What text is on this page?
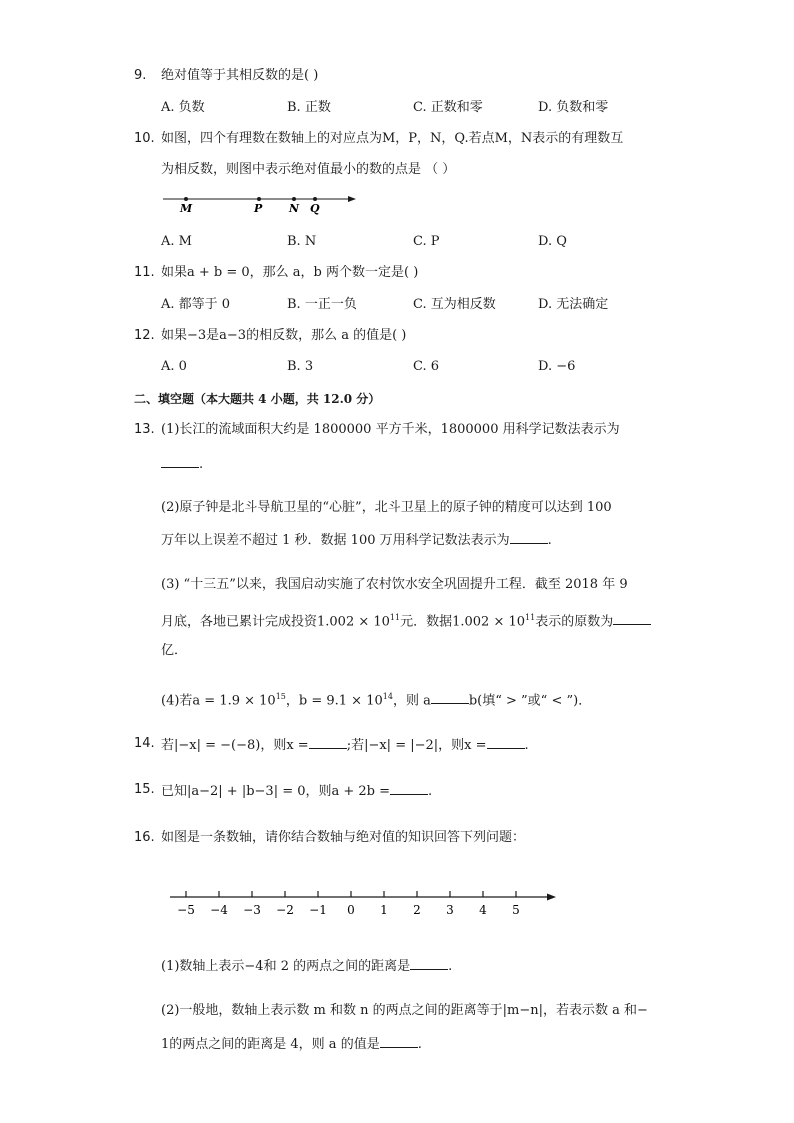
9. 绝对值等于其相反数的是( )
A. 负数	B. 正数	C. 正数和零	D. 负数和零
10. 如图，四个有理数在数轴上的对应点为M，P，N，Q.若点M，N表示的有理数互
为相反数，则图中表示绝对值最小的数的点是 （ ）
M	P N Q
A. M	B. N	C. P	D. Q
11. 如果a + b = 0，那么 a，b 两个数一定是( )
A. 都等于 0	B. 一正一负	C. 互为相反数	D. 无法确定
12. 如果−3是a−3的相反数，那么 a 的值是( )
A. 0	B. 3	C. 6	D. −6
二、填空题（本大题共 4 小题，共 12.0 分）
13. (1)长江的流域面积大约是 1800000 平方千米，1800000 用科学记数法表示为
.
(2)原子钟是北斗导航卫星的“心脏”，北斗卫星上的原子钟的精度可以达到 100
万年以上误差不超过 1 秒．数据 100 万用科学记数法表示为	.
(3) “十三五”以来，我国启动实施了农村饮水安全巩固提升工程．截至 2018 年 9
月底，各地已累计完成投资$1.002 \times 10^{11}$元．数据$1.002 \times 10^{11}$表示的原数为
亿．
(4)若$a = 1.9 \times 10^{15}$，$b = 9.1 \times 10^{14}$，则 a	b(填“ > ”或“ < ”)．
14. 若|−x| = −(−8)，则x =	;若|−x| = |−2|，则x =	.
15. 已知|a−2| + |b−3| = 0，则a + 2b =	.
16. 如图是一条数轴，请你结合数轴与绝对值的知识回答下列问题：
−5 −4 −3 −2 −1 0 1 2 3 4 5
(1)数轴上表示−4和 2 的两点之间的距离是	.
(2)一般地，数轴上表示数 m 和数 n 的两点之间的距离等于|m−n|，若表示数 a 和−
1的两点之间的距离是 4，则 a 的值是	.
